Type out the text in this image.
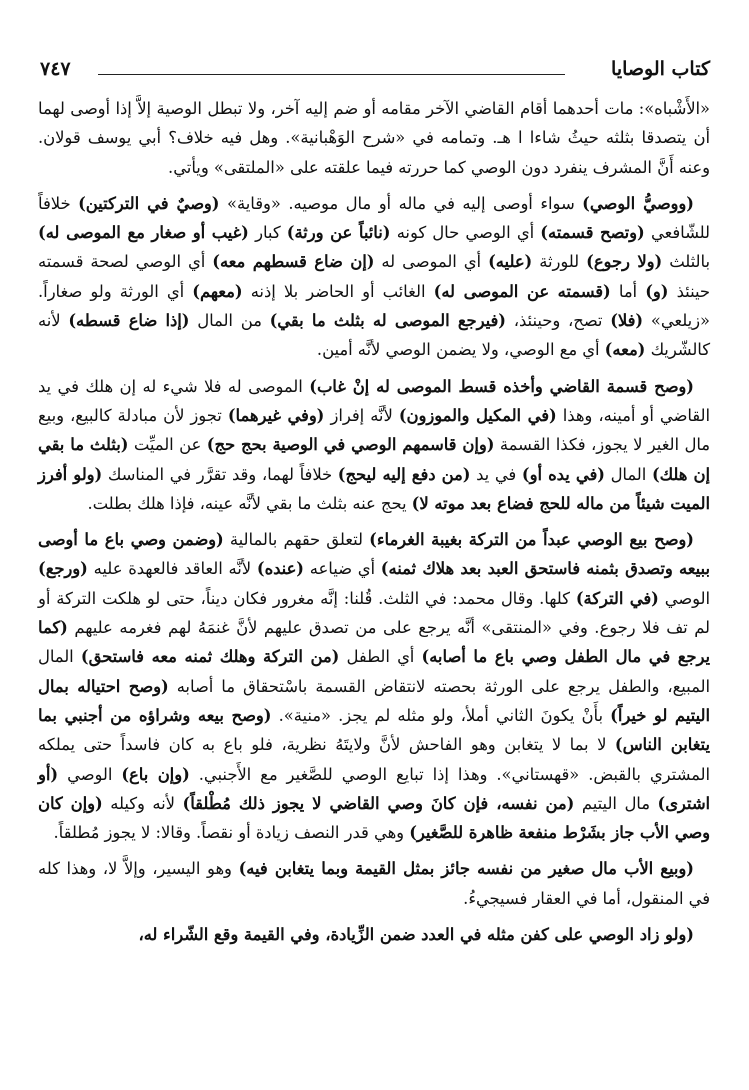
كتاب الوصايا
٧٤٧

«الأَشْباه»: مات أحدهما أقام القاضي الآخر مقامه أو ضم إليه آخر، ولا تبطل الوصية إلاَّ إذا أوصى لهما أن يتصدقا بثلثه حيثُ شاءا ا هـ. وتمامه في «شرح الوَهْبانية». وهل فيه خلاف؟ أبي يوسف قولان. وعنه أَنَّ المشرف ينفرد دون الوصي كما حررته فيما علقته على «الملتقى» ويأتي.

(ووصيُّ الوصي) سواء أوصى إليه في ماله أو مال موصيه. «وقاية» (وصيٌ في التركتين) خلافاً للشّافعي (وتصح قسمته) أي الوصي حال كونه (نائباً عن ورثة) كبار (غيب أو صغار مع الموصى له) بالثلث (ولا رجوع) للورثة (عليه) أي الموصى له (إن ضاع قسطهم معه) أي الوصي لصحة قسمته حينئذ (و) أما (قسمته عن الموصى له) الغائب أو الحاضر بلا إذنه (معهم) أي الورثة ولو صغاراً. «زيلعي» (فلا) تصح، وحينئذ، (فيرجع الموصى له بثلث ما بقي) من المال (إذا ضاع قسطه) لأنه كالشّريك (معه) أي مع الوصي، ولا يضمن الوصي لأنَّه أمين.

(وصح قسمة القاضي وأخذه قسط الموصى له إنْ غاب) الموصى له فلا شيء له إن هلك في يد القاضي أو أمينه، وهذا (في المكيل والموزون) لأنَّه إفراز (وفي غيرهما) تجوز لأن مبادلة كالبيع، وبيع مال الغير لا يجوز، فكذا القسمة (وإن قاسمهم الوصي في الوصية بحج حج) عن الميِّت (بثلث ما بقي إن هلك) المال (في يده أو) في يد (من دفع إليه ليحج) خلافاً لهما، وقد تقرَّر في المناسك (ولو أفرز الميت شيئاً من ماله للحج فضاع بعد موته لا) يحج عنه بثلث ما بقي لأنَّه عينه، فإذا هلك بطلت.

(وصح بيع الوصي عبداً من التركة بغيبة الغرماء) لتعلق حقهم بالمالية (وضمن وصي باع ما أوصى ببيعه وتصدق بثمنه فاستحق العبد بعد هلاك ثمنه) أي ضياعه (عنده) لأنَّه العاقد فالعهدة عليه (ورجع) الوصي (في التركة) كلها. وقال محمد: في الثلث. قُلنا: إنَّه مغرور فكان ديناً، حتى لو هلكت التركة أو لم تف فلا رجوع. وفي «المنتقى» أنَّه يرجع على من تصدق عليهم لأنَّ غنمَهُ لهم فغرمه عليهم (كما يرجع في مال الطفل وصي باع ما أصابه) أي الطفل (من التركة وهلك ثمنه معه فاستحق) المال المبيع، والطفل يرجع على الورثة بحصته لانتقاض القسمة باسْتحقاق ما أصابه (وصح احتياله بمال اليتيم لو خيراً) بأَنْ يكونَ الثاني أملأ، ولو مثله لم يجز. «منية». (وصح بيعه وشراؤه من أجنبي بما يتغابن الناس) لا بما لا يتغابن وهو الفاحش لأنَّ ولايتَهُ نظرية، فلو باع به كان فاسداً حتى يملكه المشتري بالقبض. «قهستاني». وهذا إذا تبايع الوصي للصَّغير مع الأَجنبي. (وإن باع) الوصي (أو اشترى) مال اليتيم (من نفسه، فإن كانَ وصي القاضي لا يجوز ذلك مُطْلقاً) لأنه وكيله (وإن كان وصي الأب جاز بشَرْط منفعة ظاهرة للصَّغير) وهي قدر النصف زيادة أو نقصاً. وقالا: لا يجوز مُطلقاً.

(وبيع الأب مال صغير من نفسه جائز بمثل القيمة وبما يتغابن فيه) وهو اليسير، وإلاَّ لا، وهذا كله في المنقول، أما في العقار فسيجيءُ.

(ولو زاد الوصي على كفن مثله في العدد ضمن الزِّيادة، وفي القيمة وقع الشّراء له،
